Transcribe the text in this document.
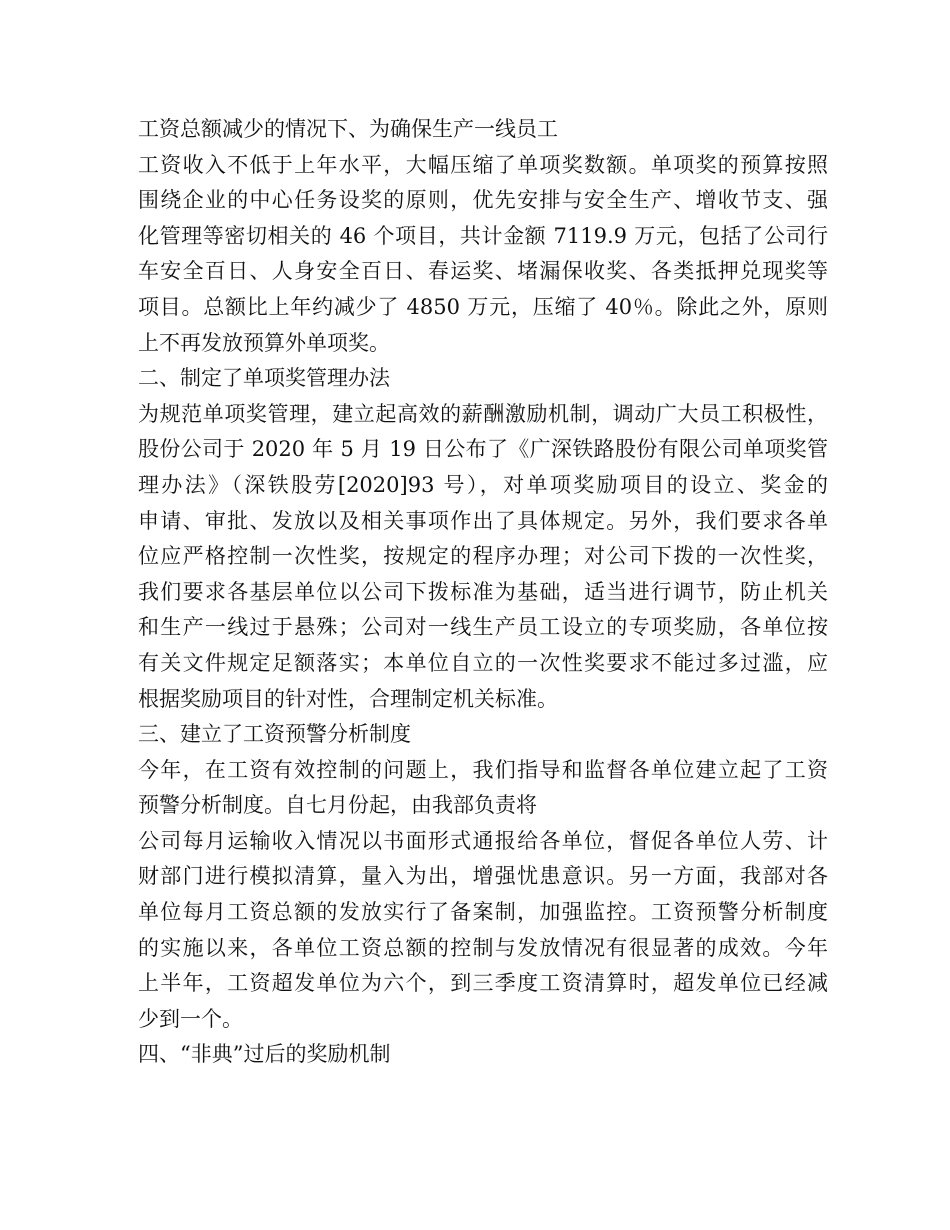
工资总额减少的情况下、为确保生产一线员工
工资收入不低于上年水平，大幅压缩了单项奖数额。单项奖的预算按照
围绕企业的中心任务设奖的原则，优先安排与安全生产、增收节支、强
化管理等密切相关的 46 个项目，共计金额 7119.9 万元，包括了公司行
车安全百日、人身安全百日、春运奖、堵漏保收奖、各类抵押兑现奖等
项目。总额比上年约减少了 4850 万元，压缩了 40％。除此之外，原则
上不再发放预算外单项奖。
二、制定了单项奖管理办法
为规范单项奖管理，建立起高效的薪酬激励机制，调动广大员工积极性，
股份公司于 2020 年 5 月 19 日公布了《广深铁路股份有限公司单项奖管
理办法》（深铁股劳[2020]93 号），对单项奖励项目的设立、奖金的
申请、审批、发放以及相关事项作出了具体规定。另外，我们要求各单
位应严格控制一次性奖，按规定的程序办理；对公司下拨的一次性奖，
我们要求各基层单位以公司下拨标准为基础，适当进行调节，防止机关
和生产一线过于悬殊；公司对一线生产员工设立的专项奖励，各单位按
有关文件规定足额落实；本单位自立的一次性奖要求不能过多过滥，应
根据奖励项目的针对性，合理制定机关标准。
三、建立了工资预警分析制度
今年，在工资有效控制的问题上，我们指导和监督各单位建立起了工资
预警分析制度。自七月份起，由我部负责将
公司每月运输收入情况以书面形式通报给各单位，督促各单位人劳、计
财部门进行模拟清算，量入为出，增强忧患意识。另一方面，我部对各
单位每月工资总额的发放实行了备案制，加强监控。工资预警分析制度
的实施以来，各单位工资总额的控制与发放情况有很显著的成效。今年
上半年，工资超发单位为六个，到三季度工资清算时，超发单位已经减
少到一个。
四、“非典”过后的奖励机制
